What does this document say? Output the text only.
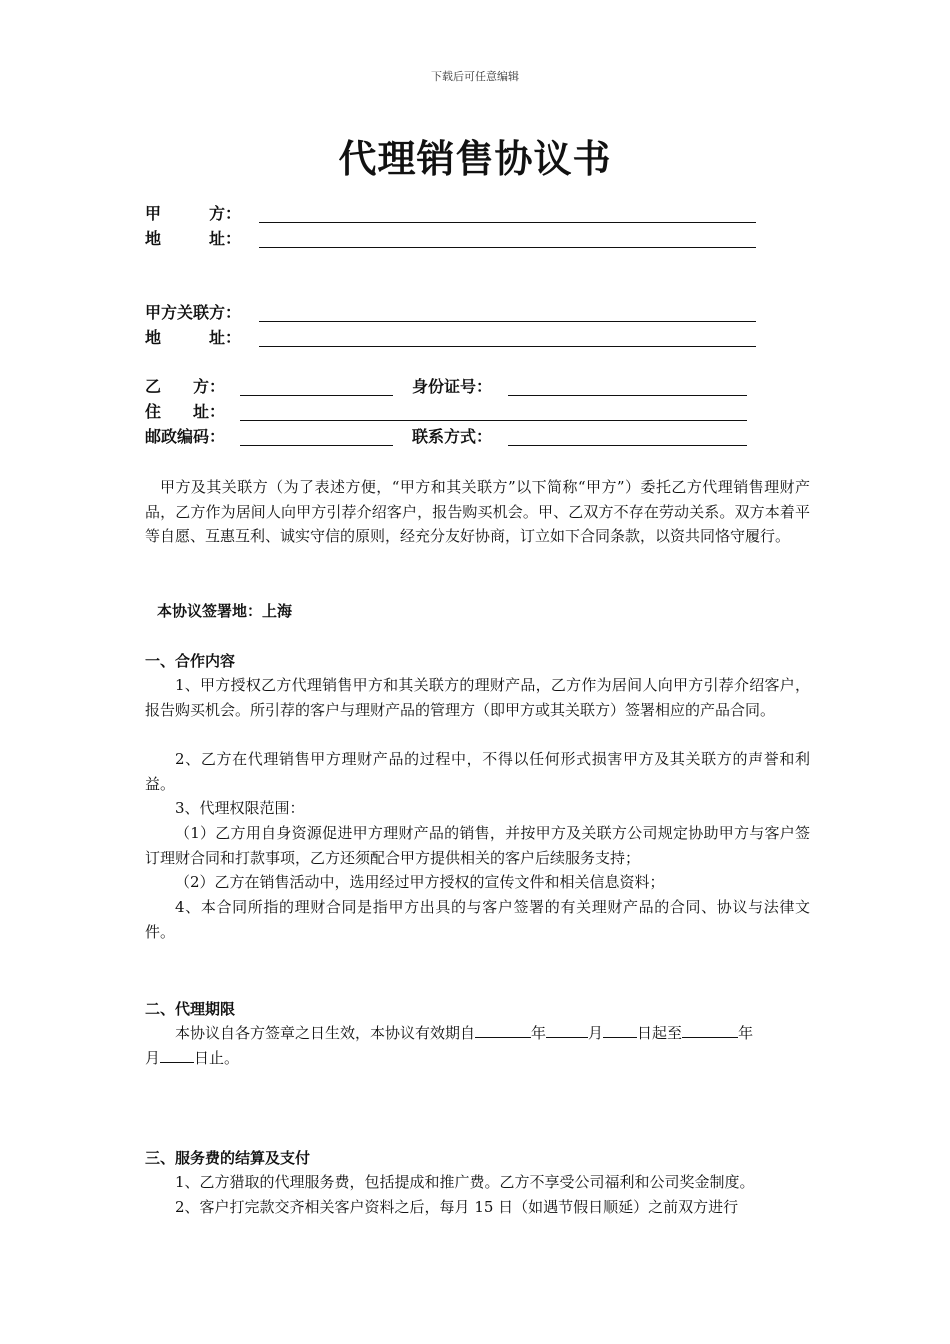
下载后可任意编辑
代理销售协议书
甲　　　方：
地　　　址：
甲方关联方：
地　　　址：
乙　　方：	身份证号：
住　　址：
邮政编码：	联系方式：
甲方及其关联方（为了表述方便，“甲方和其关联方”以下简称“甲方”）委托乙方代理销售理财产品，乙方作为居间人向甲方引荐介绍客户，报告购买机会。甲、乙双方不存在劳动关系。双方本着平等自愿、互惠互利、诚实守信的原则，经充分友好协商，订立如下合同条款，以资共同恪守履行。
本协议签署地：上海
一、合作内容
1、甲方授权乙方代理销售甲方和其关联方的理财产品，乙方作为居间人向甲方引荐介绍客户，报告购买机会。所引荐的客户与理财产品的管理方（即甲方或其关联方）签署相应的产品合同。
2、乙方在代理销售甲方理财产品的过程中，不得以任何形式损害甲方及其关联方的声誉和利益。
3、代理权限范围：
（1）乙方用自身资源促进甲方理财产品的销售，并按甲方及关联方公司规定协助甲方与客户签订理财合同和打款事项，乙方还须配合甲方提供相关的客户后续服务支持；
（2）乙方在销售活动中，选用经过甲方授权的宣传文件和相关信息资料；
4、本合同所指的理财合同是指甲方出具的与客户签署的有关理财产品的合同、协议与法律文件。
二、代理期限
本协议自各方签章之日生效，本协议有效期自	年	月 日起至	年
月 日止。
三、服务费的结算及支付
1、乙方猎取的代理服务费，包括提成和推广费。乙方不享受公司福利和公司奖金制度。
2、客户打完款交齐相关客户资料之后，每月 15 日（如遇节假日顺延）之前双方进行
